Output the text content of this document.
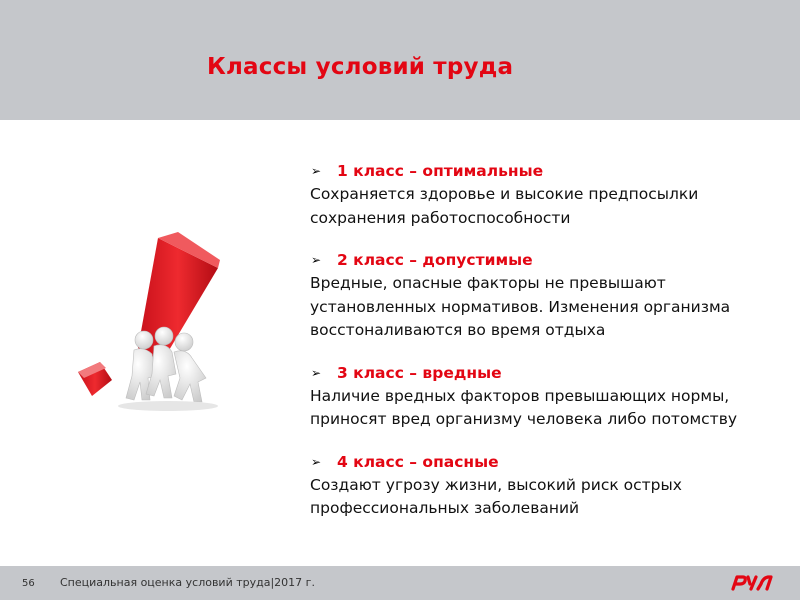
Классы условий труда
➢ 1 класс – оптимальные
Сохраняется здоровье и высокие предпосылки сохранения работоспособности
➢ 2 класс – допустимые
Вредные, опасные факторы не превышают установленных нормативов. Изменения организма восстоналиваются во время отдыха
➢ 3 класс – вредные
Наличие вредных факторов превышающих нормы, приносят вред организму человека либо потомству
➢ 4 класс – опасные
Создают угрозу жизни, высокий риск острых профессиональных заболеваний
56 Специальная оценка условий труда|2017 г.
